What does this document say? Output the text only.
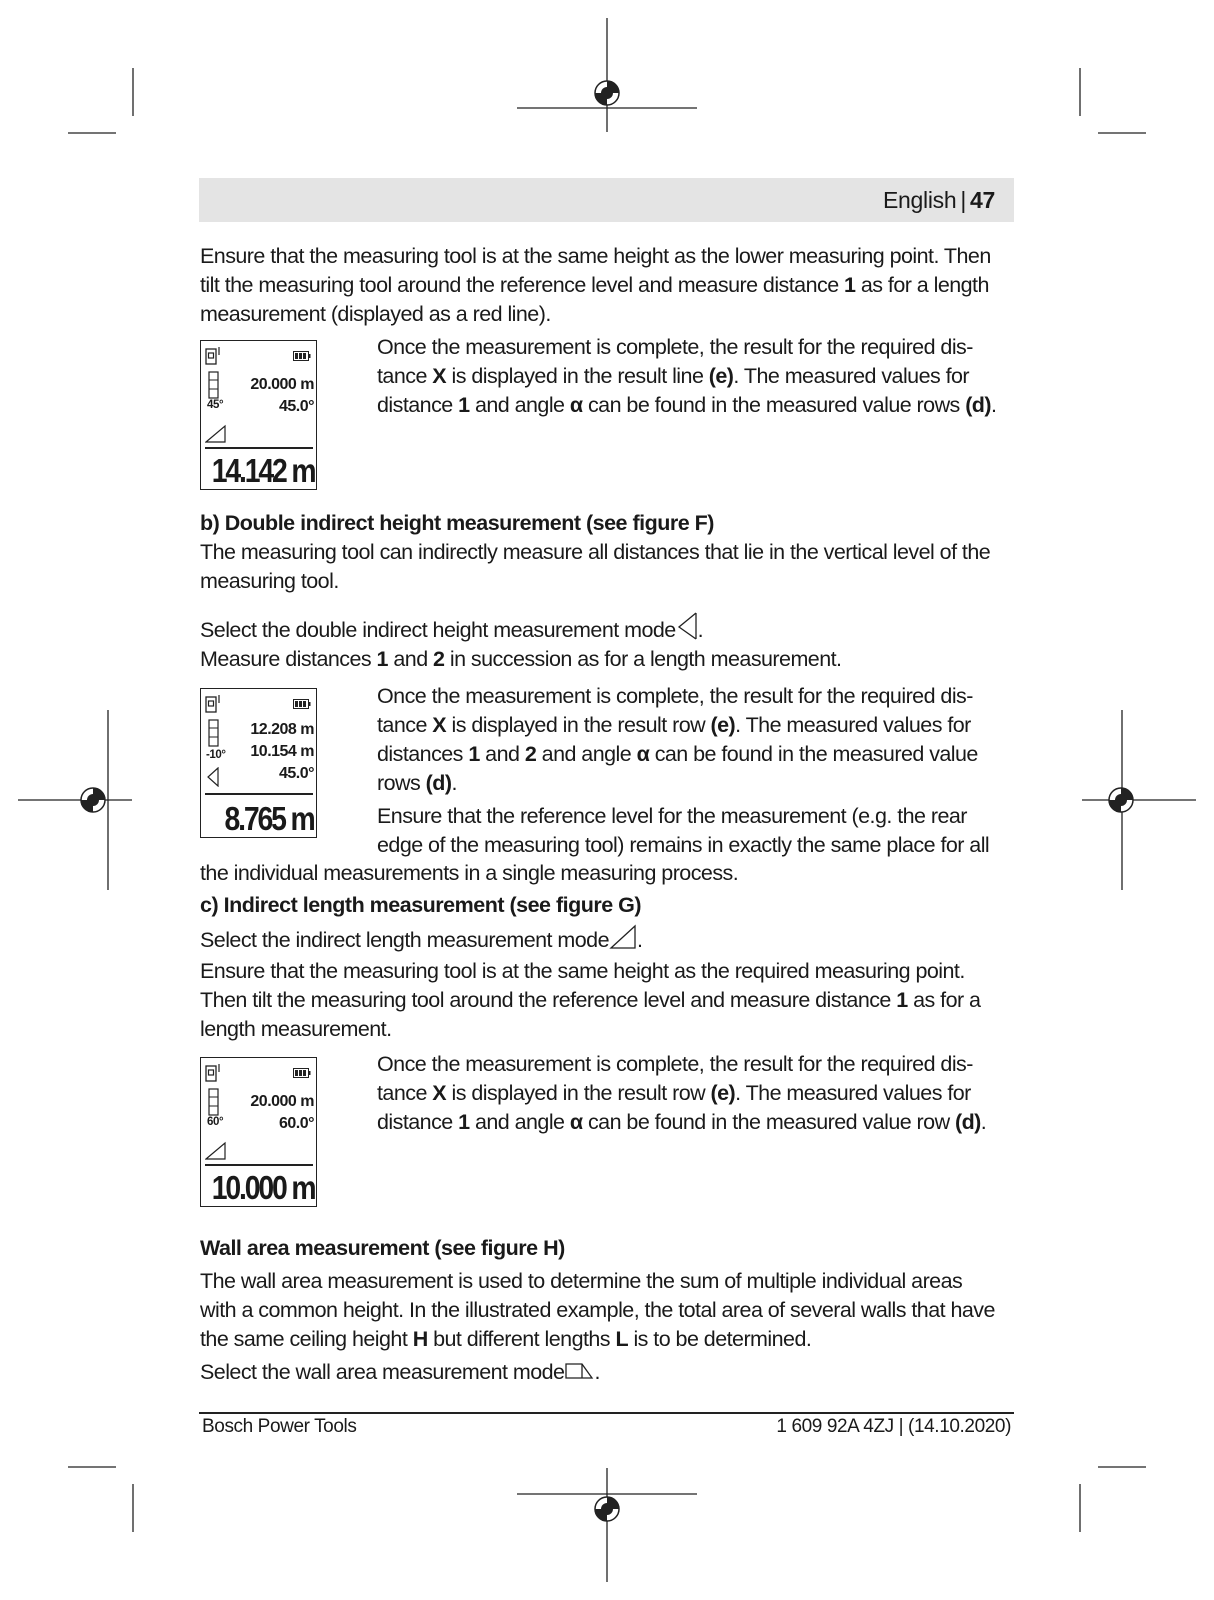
English | 47
Ensure that the measuring tool is at the same height as the lower measuring point. Then
tilt the measuring tool around the reference level and measure distance 1 as for a length
measurement (displayed as a red line).
45°
20.000 m
45.0°
14.142 m
Once the measurement is complete, the result for the required dis-
tance X is displayed in the result line (e). The measured values for
distance 1 and angle α can be found in the measured value rows (d).
b) Double indirect height measurement (see figure F)
The measuring tool can indirectly measure all distances that lie in the vertical level of the
measuring tool.
Select the double indirect height measurement mode .
Measure distances 1 and 2 in succession as for a length measurement.
-10°
12.208 m
10.154 m
45.0°
8.765 m
Once the measurement is complete, the result for the required dis-
tance X is displayed in the result row (e). The measured values for
distances 1 and 2 and angle α can be found in the measured value
rows (d).
Ensure that the reference level for the measurement (e.g. the rear
edge of the measuring tool) remains in exactly the same place for all
the individual measurements in a single measuring process.
c) Indirect length measurement (see figure G)
Select the indirect length measurement mode .
Ensure that the measuring tool is at the same height as the required measuring point.
Then tilt the measuring tool around the reference level and measure distance 1 as for a
length measurement.
60°
20.000 m
60.0°
10.000 m
Once the measurement is complete, the result for the required dis-
tance X is displayed in the result row (e). The measured values for
distance 1 and angle α can be found in the measured value row (d).
Wall area measurement (see figure H)
The wall area measurement is used to determine the sum of multiple individual areas
with a common height. In the illustrated example, the total area of several walls that have
the same ceiling height H but different lengths L is to be determined.
Select the wall area measurement mode .
Bosch Power Tools	1 609 92A 4ZJ | (14.10.2020)
